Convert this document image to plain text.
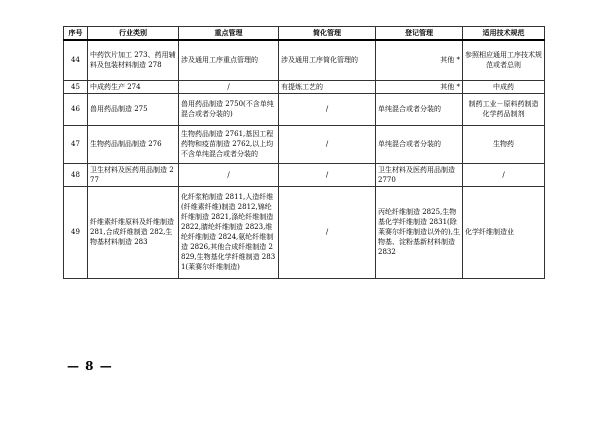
序号	行业类别	重点管理	简化管理	登记管理	适用技术规范
44	中药饮片加工 273、药用辅料及包装材料制造 278	涉及通用工序重点管理的	涉及通用工序简化管理的	其他 *	参照相应通用工序技术规范或者总则
45	中成药生产 274	/	有提炼工艺的	其他 *	中成药
46	兽用药品制造 275	兽用药品制造 2750(不含单纯混合或者分装的)	/	单纯混合或者分装的	制药工业－原料药制造 化学药品制剂
47	生物药品制品制造 276	生物药品制造 2761,基因工程药物和疫苗制造 2762,以上均不含单纯混合或者分装的	/	单纯混合或者分装的	生物药
48	卫生材料及医药用品制造 277	/	/	卫生材料及医药用品制造 2770	/
49	纤维素纤维原料及纤维制造 281,合成纤维制造 282,生物基材料制造 283	化纤浆粕制造 2811,人造纤维(纤维素纤维)制造 2812,锦纶纤维制造 2821,涤纶纤维制造 2822,腈纶纤维制造 2823,维纶纤维制造 2824,氨纶纤维制造 2826,其他合成纤维制造 2829,生物基化学纤维制造 2831(莱赛尔纤维制造)	/	丙纶纤维制造 2825,生物基化学纤维制造 2831(除莱赛尔纤维制造以外的),生物基、淀粉基新材料制造 2832	化学纤维制造业
— 8 —
